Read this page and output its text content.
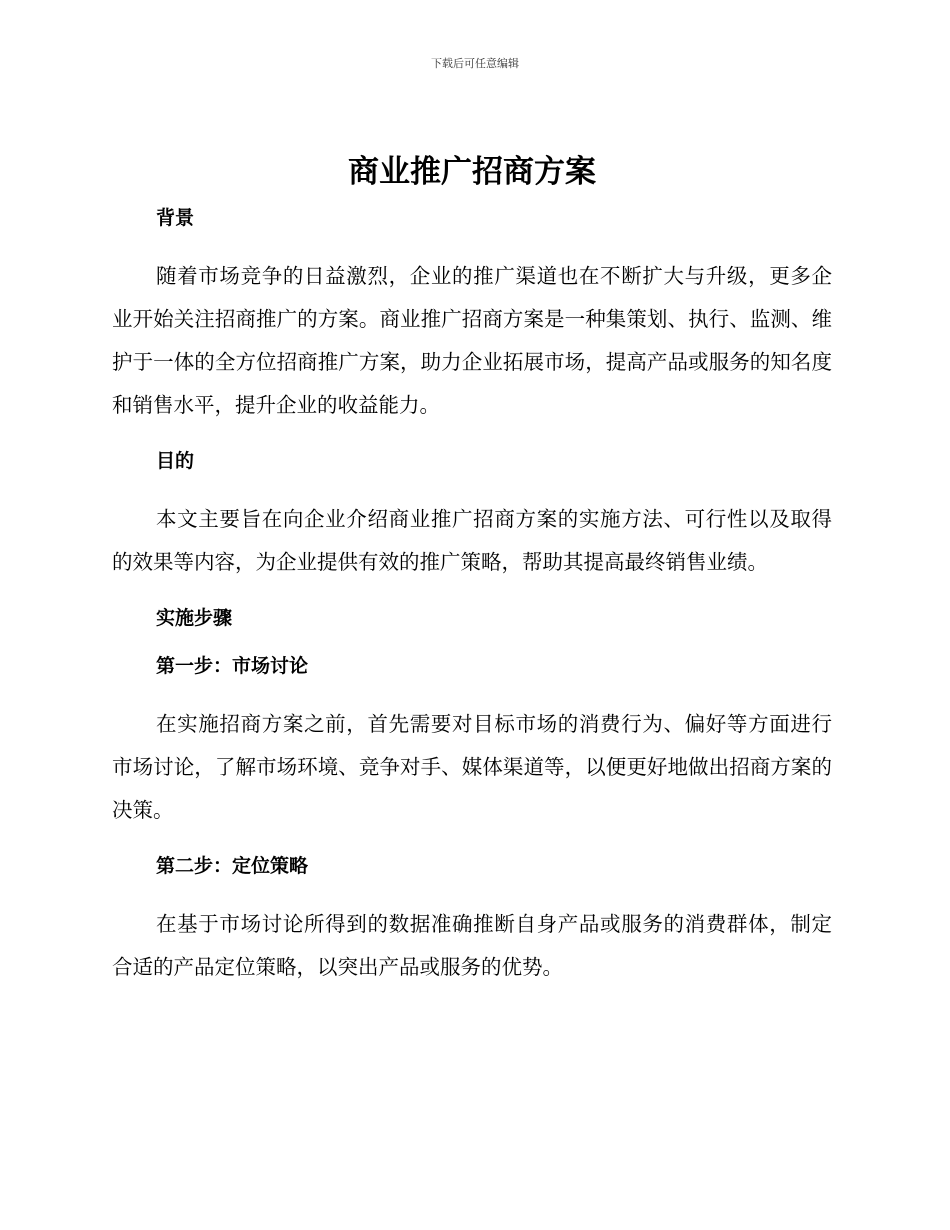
下载后可任意编辑
商业推广招商方案

背景

随着市场竞争的日益激烈，企业的推广渠道也在不断扩大与升级，更多企业开始关注招商推广的方案。商业推广招商方案是一种集策划、执行、监测、维护于一体的全方位招商推广方案，助力企业拓展市场，提高产品或服务的知名度和销售水平，提升企业的收益能力。

目的

本文主要旨在向企业介绍商业推广招商方案的实施方法、可行性以及取得的效果等内容，为企业提供有效的推广策略，帮助其提高最终销售业绩。

实施步骤

第一步：市场讨论

在实施招商方案之前，首先需要对目标市场的消费行为、偏好等方面进行市场讨论，了解市场环境、竞争对手、媒体渠道等，以便更好地做出招商方案的决策。

第二步：定位策略

在基于市场讨论所得到的数据准确推断自身产品或服务的消费群体，制定合适的产品定位策略，以突出产品或服务的优势。
